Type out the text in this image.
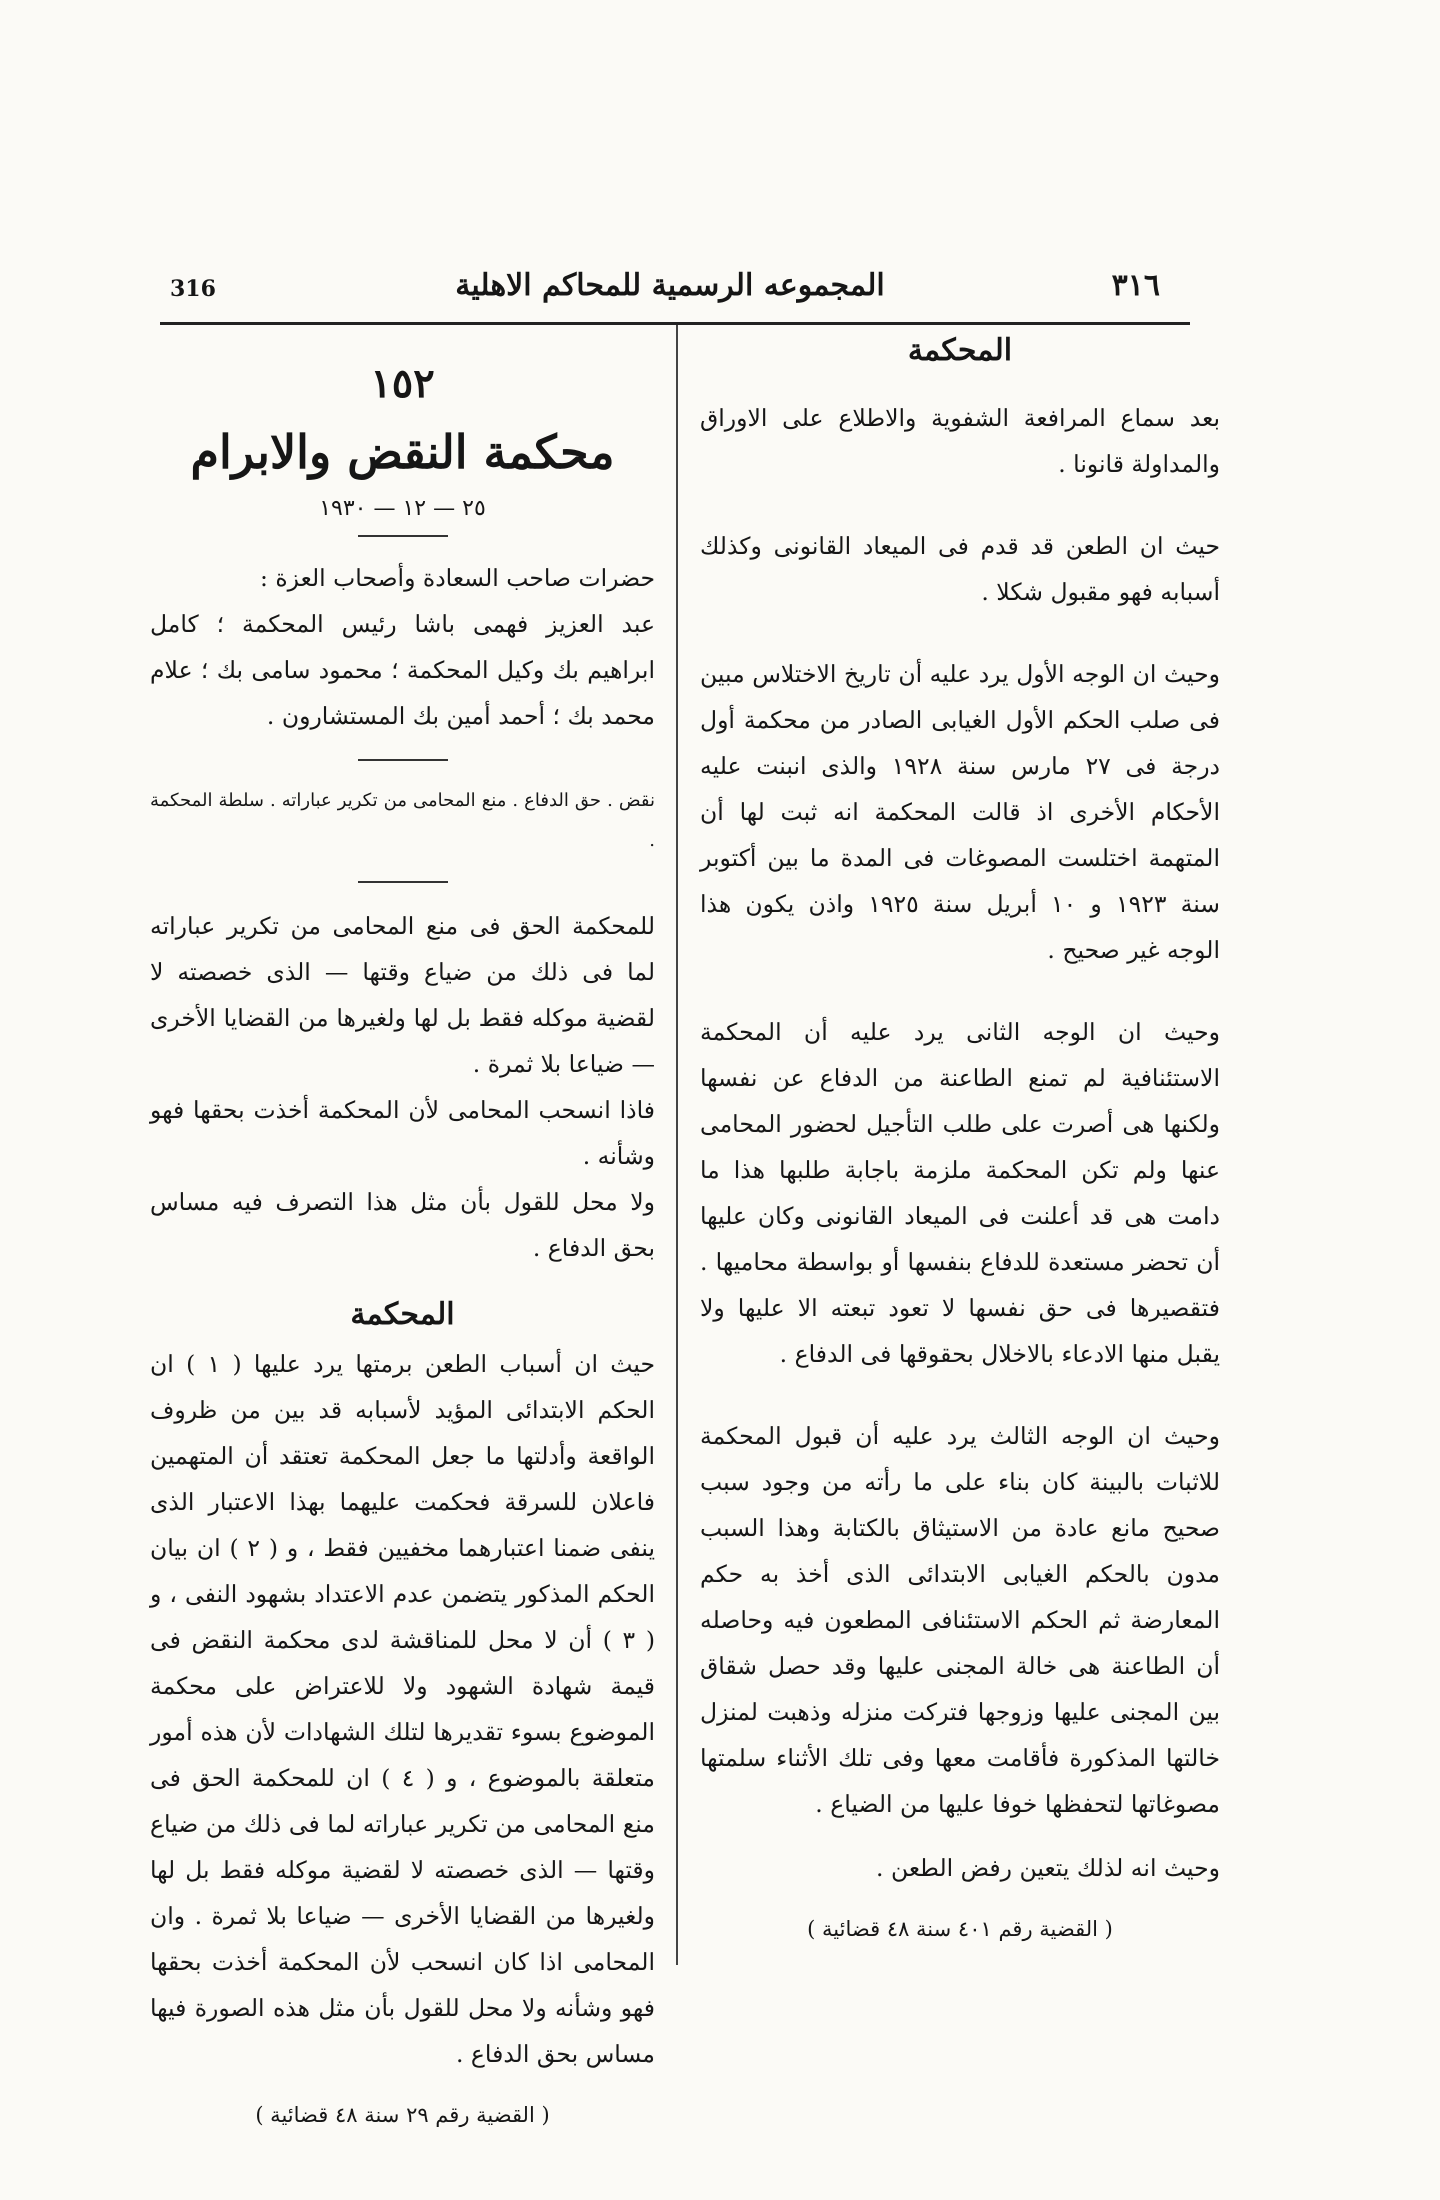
316	المجموعه الرسمية للمحاكم الاهلية	٣١٦

المحكمة

بعد سماع المرافعة الشفوية والاطلاع على الاوراق والمداولة قانونا .

حيث ان الطعن قد قدم فى الميعاد القانونى وكذلك أسبابه فهو مقبول شكلا .

وحيث ان الوجه الأول يرد عليه أن تاريخ الاختلاس مبين فى صلب الحكم الأول الغيابى الصادر من محكمة أول درجة فى ٢٧ مارس سنة ١٩٢٨ والذى انبنت عليه الأحكام الأخرى اذ قالت المحكمة انه ثبت لها أن المتهمة اختلست المصوغات فى المدة ما بين أكتوبر سنة ١٩٢٣ و ١٠ أبريل سنة ١٩٢٥ واذن يكون هذا الوجه غير صحيح .

وحيث ان الوجه الثانى يرد عليه أن المحكمة الاستئنافية لم تمنع الطاعنة من الدفاع عن نفسها ولكنها هى أصرت على طلب التأجيل لحضور المحامى عنها ولم تكن المحكمة ملزمة باجابة طلبها هذا ما دامت هى قد أعلنت فى الميعاد القانونى وكان عليها أن تحضر مستعدة للدفاع بنفسها أو بواسطة محاميها . فتقصيرها فى حق نفسها لا تعود تبعته الا عليها ولا يقبل منها الادعاء بالاخلال بحقوقها فى الدفاع .

وحيث ان الوجه الثالث يرد عليه أن قبول المحكمة للاثبات بالبينة كان بناء على ما رأته من وجود سبب صحيح مانع عادة من الاستيثاق بالكتابة وهذا السبب مدون بالحكم الغيابى الابتدائى الذى أخذ به حكم المعارضة ثم الحكم الاستئنافى المطعون فيه وحاصله أن الطاعنة هى خالة المجنى عليها وقد حصل شقاق بين المجنى عليها وزوجها فتركت منزله وذهبت لمنزل خالتها المذكورة فأقامت معها وفى تلك الأثناء سلمتها مصوغاتها لتحفظها خوفا عليها من الضياع .

وحيث انه لذلك يتعين رفض الطعن .

( القضية رقم ٤٠١ سنة ٤٨ قضائية )

١٥٢

محكمة النقض والابرام

٢٥ — ١٢ — ١٩٣٠

حضرات صاحب السعادة وأصحاب العزة :

عبد العزيز فهمى باشا رئيس المحكمة ؛ كامل ابراهيم بك وكيل المحكمة ؛ محمود سامى بك ؛ علام محمد بك ؛ أحمد أمين بك المستشارون .

نقض . حق الدفاع . منع المحامى من تكرير عباراته . سلطة المحكمة .

للمحكمة الحق فى منع المحامى من تكرير عباراته لما فى ذلك من ضياع وقتها — الذى خصصته لا لقضية موكله فقط بل لها ولغيرها من القضايا الأخرى — ضياعا بلا ثمرة .

فاذا انسحب المحامى لأن المحكمة أخذت بحقها فهو وشأنه .

ولا محل للقول بأن مثل هذا التصرف فيه مساس بحق الدفاع .

المحكمة

حيث ان أسباب الطعن برمتها يرد عليها ( ١ ) ان الحكم الابتدائى المؤيد لأسبابه قد بين من ظروف الواقعة وأدلتها ما جعل المحكمة تعتقد أن المتهمين فاعلان للسرقة فحكمت عليهما بهذا الاعتبار الذى ينفى ضمنا اعتبارهما مخفيين فقط ، و ( ٢ ) ان بيان الحكم المذكور يتضمن عدم الاعتداد بشهود النفى ، و ( ٣ ) أن لا محل للمناقشة لدى محكمة النقض فى قيمة شهادة الشهود ولا للاعتراض على محكمة الموضوع بسوء تقديرها لتلك الشهادات لأن هذه أمور متعلقة بالموضوع ، و ( ٤ ) ان للمحكمة الحق فى منع المحامى من تكرير عباراته لما فى ذلك من ضياع وقتها — الذى خصصته لا لقضية موكله فقط بل لها ولغيرها من القضايا الأخرى — ضياعا بلا ثمرة . وان المحامى اذا كان انسحب لأن المحكمة أخذت بحقها فهو وشأنه ولا محل للقول بأن مثل هذه الصورة فيها مساس بحق الدفاع .

( القضية رقم ٢٩ سنة ٤٨ قضائية )
